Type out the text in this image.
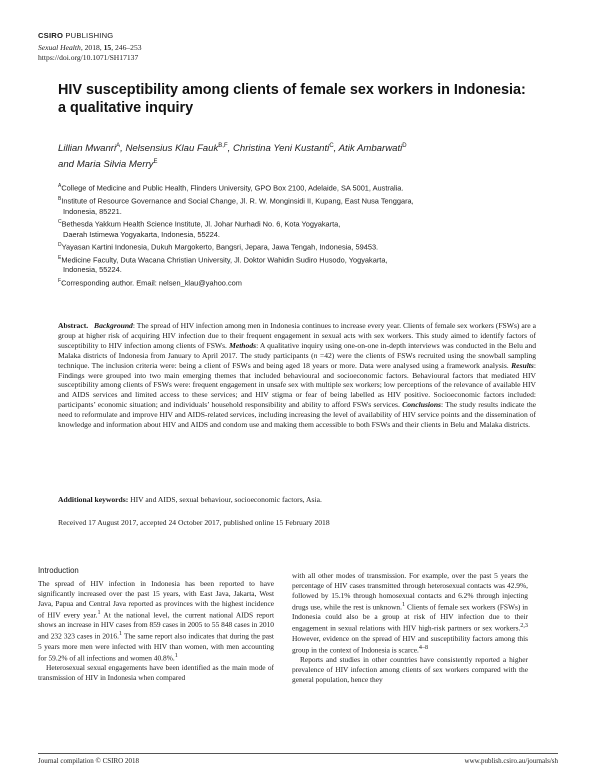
CSIRO PUBLISHING
Sexual Health, 2018, 15, 246–253
https://doi.org/10.1071/SH17137
HIV susceptibility among clients of female sex workers in Indonesia: a qualitative inquiry
Lillian Mwanri$^A$, Nelsensius Klau Fauk$^{B,F}$, Christina Yeni Kustanti$^C$, Atik Ambarwati$^D$
and Maria Silvia Merry$^E$
$^A$College of Medicine and Public Health, Flinders University, GPO Box 2100, Adelaide, SA 5001, Australia.
$^B$Institute of Resource Governance and Social Change, Jl. R. W. Monginsidi II, Kupang, East Nusa Tenggara,
Indonesia, 85221.
$^C$Bethesda Yakkum Health Science Institute, Jl. Johar Nurhadi No. 6, Kota Yogyakarta,
Daerah Istimewa Yogyakarta, Indonesia, 55224.
$^D$Yayasan Kartini Indonesia, Dukuh Margokerto, Bangsri, Jepara, Jawa Tengah, Indonesia, 59453.
$^E$Medicine Faculty, Duta Wacana Christian University, Jl. Doktor Wahidin Sudiro Husodo, Yogyakarta,
Indonesia, 55224.
$^F$Corresponding author. Email: nelsen_klau@yahoo.com
Abstract. Background: The spread of HIV infection among men in Indonesia continues to increase every year. Clients of female sex workers (FSWs) are a group at higher risk of acquiring HIV infection due to their frequent engagement in sexual acts with sex workers. This study aimed to identify factors of susceptibility to HIV infection among clients of FSWs. Methods: A qualitative inquiry using one-on-one in-depth interviews was conducted in the Belu and Malaka districts of Indonesia from January to April 2017. The study participants (n =42) were the clients of FSWs recruited using the snowball sampling technique. The inclusion criteria were: being a client of FSWs and being aged 18 years or more. Data were analysed using a framework analysis. Results: Findings were grouped into two main emerging themes that included behavioural and socioeconomic factors. Behavioural factors that mediated HIV susceptibility among clients of FSWs were: frequent engagement in unsafe sex with multiple sex workers; low perceptions of the relevance of available HIV and AIDS services and limited access to these services; and HIV stigma or fear of being labelled as HIV positive. Socioeconomic factors included: participants’ economic situation; and individuals’ household responsibility and ability to afford FSWs services. Conclusions: The study results indicate the need to reformulate and improve HIV and AIDS-related services, including increasing the level of availability of HIV service points and the dissemination of knowledge and information about HIV and AIDS and condom use and making them accessible to both FSWs and their clients in Belu and Malaka districts.
Additional keywords: HIV and AIDS, sexual behaviour, socioeconomic factors, Asia.
Received 17 August 2017, accepted 24 October 2017, published online 15 February 2018
Introduction

The spread of HIV infection in Indonesia has been reported to have significantly increased over the past 15 years, with East Java, Jakarta, West Java, Papua and Central Java reported as provinces with the highest incidence of HIV every year.$^1$ At the national level, the current national AIDS report shows an increase in HIV cases from 859 cases in 2005 to 55 848 cases in 2010 and 232 323 cases in 2016.$^1$ The same report also indicates that during the past 5 years more men were infected with HIV than women, with men accounting for 59.2% of all infections and women 40.8%.$^1$

Heterosexual sexual engagements have been identified as the main mode of transmission of HIV in Indonesia when compared

with all other modes of transmission. For example, over the past 5 years the percentage of HIV cases transmitted through heterosexual contacts was 42.9%, followed by 15.1% through homosexual contacts and 6.2% through injecting drugs use, while the rest is unknown.$^1$ Clients of female sex workers (FSWs) in Indonesia could also be a group at risk of HIV infection due to their engagement in sexual relations with HIV high-risk partners or sex workers.$^{2,3}$ However, evidence on the spread of HIV and susceptibility factors among this group in the context of Indonesia is scarce.$^{4-8}$

Reports and studies in other countries have consistently reported a higher prevalence of HIV infection among clients of sex workers compared with the general population, hence they

Journal compilation © CSIRO 2018	www.publish.csiro.au/journals/sh
